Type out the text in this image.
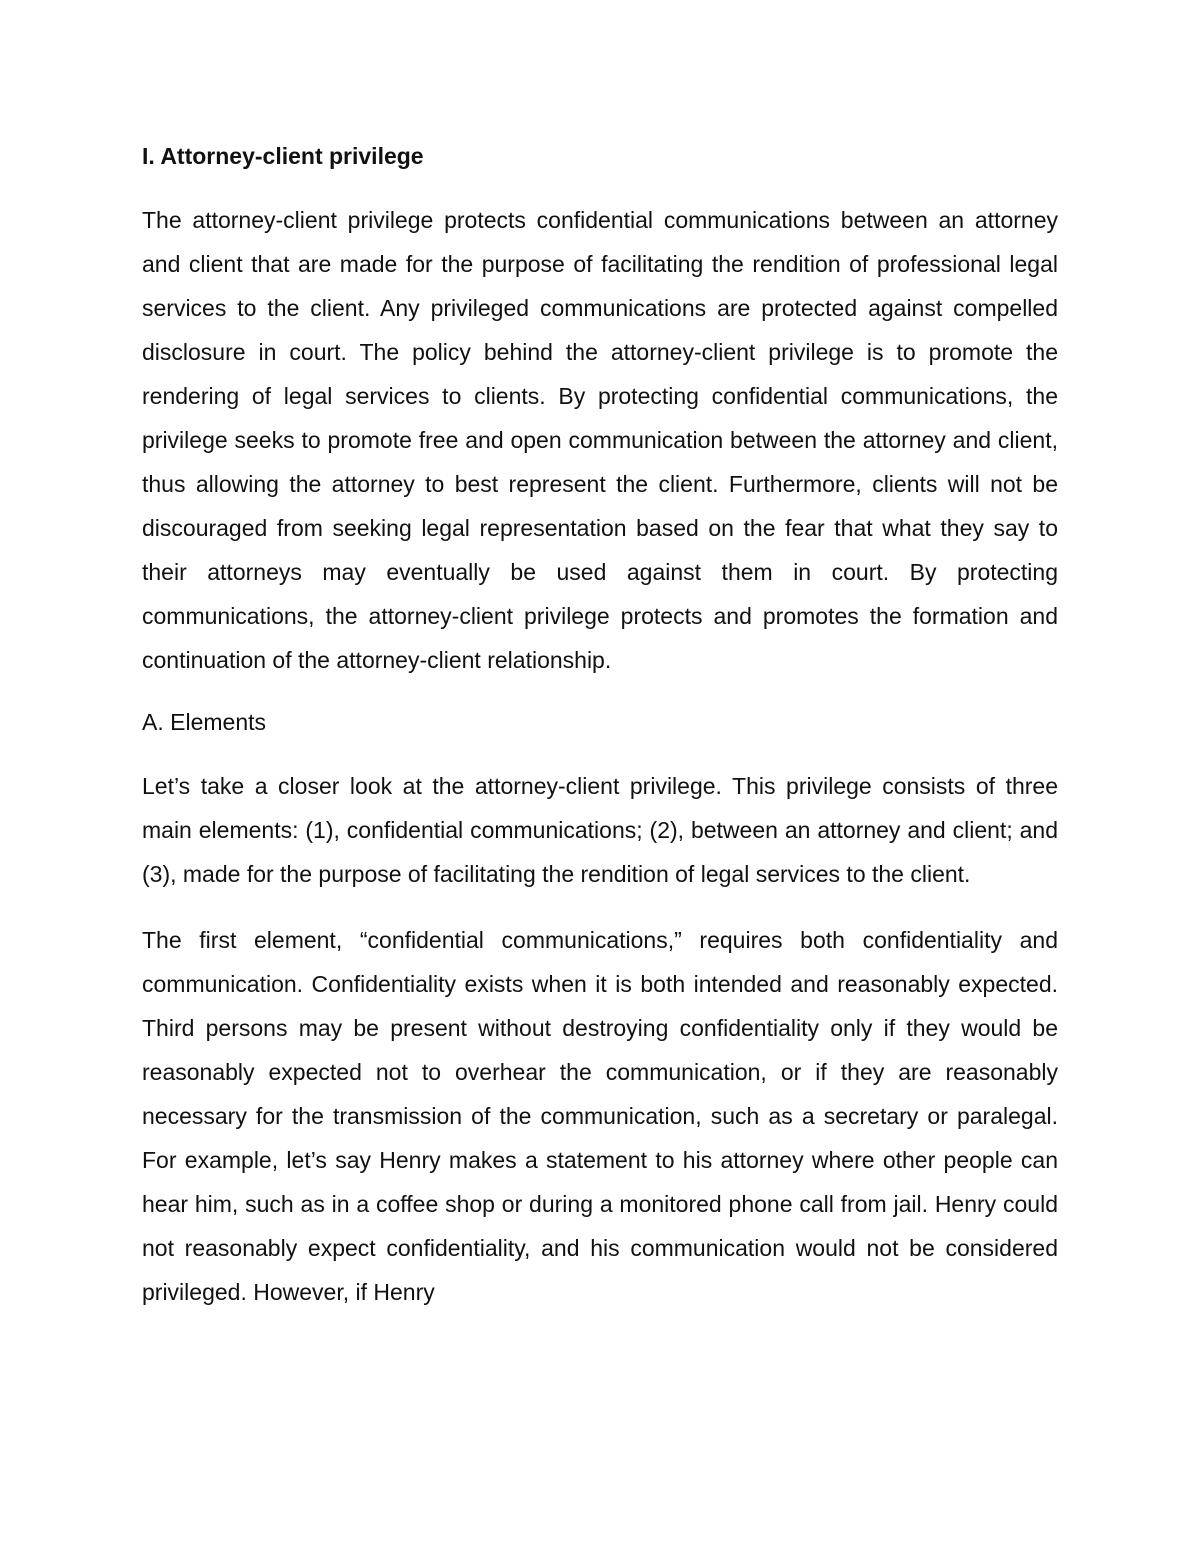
I. Attorney-client privilege

The attorney-client privilege protects confidential communications between an attorney and client that are made for the purpose of facilitating the rendition of professional legal services to the client. Any privileged communications are protected against compelled disclosure in court. The policy behind the attorney-client privilege is to promote the rendering of legal services to clients. By protecting confidential communications, the privilege seeks to promote free and open communication between the attorney and client, thus allowing the attorney to best represent the client. Furthermore, clients will not be discouraged from seeking legal representation based on the fear that what they say to their attorneys may eventually be used against them in court. By protecting communications, the attorney-client privilege protects and promotes the formation and continuation of the attorney-client relationship.

A. Elements

Let’s take a closer look at the attorney-client privilege. This privilege consists of three main elements: (1), confidential communications; (2), between an attorney and client; and (3), made for the purpose of facilitating the rendition of legal services to the client.

The first element, “confidential communications,” requires both confidentiality and communication. Confidentiality exists when it is both intended and reasonably expected. Third persons may be present without destroying confidentiality only if they would be reasonably expected not to overhear the communication, or if they are reasonably necessary for the transmission of the communication, such as a secretary or paralegal. For example, let’s say Henry makes a statement to his attorney where other people can hear him, such as in a coffee shop or during a monitored phone call from jail. Henry could not reasonably expect confidentiality, and his communication would not be considered privileged. However, if Henry
